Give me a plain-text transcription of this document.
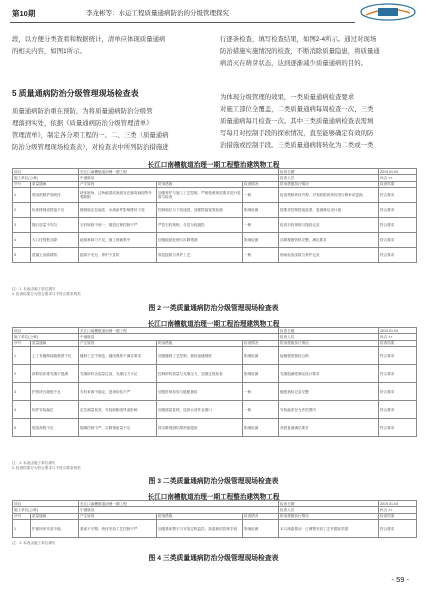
第10期	李龙彬等：水运工程质量通病防治的分级管理探究
段，以方便分类查看和数据统计，清单应体现质量通病
的相关内容，如图1所示。
5 质量通病防治分级管理现场检查表
质量通病防治重在预防，为将质量通病防治分级管
理落到实处，依据《质量通病防治分级管理清单》
管理清单》，制定各分项工程的一、二、三类（质量通病
防治分级管理现场检查表），对检查表中所列防治措施进
行逐条检查，填写检查结果，如图2-4所示。通过对现场
防治措施实施情况的检查，不断消除质量隐患，将质量通
病消灭在萌芽状态，达到逐渐减少质量通病的目的。
为体现分级管理的效果，一类质量通病检查要求
对施工部位全覆盖，二类质量通病每周检查一次，三类
质量通病每月检查一次。其中三类质量通病检查表需填
写每月对控制手段的探索情况，直至能够确定有效的防
治措施或控制手段。三类质量通病将转化为二类或一类
长江口南槽航道治理一期工程整治建筑物工程
项目		长江口南槽航道治理一期工程			检查日期	2019.01.04
施工单位(公章)		中港航局			检查人员	孙吉 ××
序号	质量通病	产生原因	防治措施	检查情况	防治措施执行情况	检查结果
1	堤身预制护面块体	块体缺角、边角破损或表面存在蜂窝麻面等外观缺陷	加强养护与施工工艺控制，严格按照规范要求进行验收与检查	一般	检查预制块体外观，对有缺陷的块体进行修补或更换	符合要求
2	软体排铺设搭接不足	铺排船定位偏差，水流条件影响排体下放	控制船位与下放速度，加强搭接宽度检测	影响检测	按要求控制搭接宽度，复测满足设计值	符合要求
3	抛石质量不均匀	石料规格不统一，抛投过程控制不严	严控石料规格，分层分段抛投	一般	检查石料规格与抛投记录	符合要求
4	大口径管桩沉降	地基承载力不足，施工荷载集中	加强地基处理与沉降观测	影响检测	沉降观测资料完整，满足要求	符合要求
5	混凝土浇筑缺陷	振捣不充分，养护不及时	规范振捣与养护工艺	一般	现场检查浇筑与养护记录	符合要求
注：1. 本表由施工单位填写
2. 检查结果分为符合要求与不符合要求两类
图 2 一类质量通病防治分级管理现场检查表
长江口南槽航道治理一期工程治理建筑物工程
项目		长江口南槽航道治理一期工程			检查日期	2019.01.04
施工单位(公章)		中港航局			检查人员	孙吉 ××
序号	质量通病	产生原因	防治措施	检查情况	防治措施执行情况	检查结果
1	土工布缝制接缝强度不足	缝制工艺不规范，缝线强度不满足要求	加强缝制工艺控制，抽检接缝强度	影响检测	接缝强度抽检合格	符合要求
2	砂肋软体排充填不饱满	充填砂料含泥量过高，充填压力不足	控制砂料质量与充填压力，加强过程检查	影响检测	充填饱满度满足设计要求	符合要求
3	护底块石级配不良	石料来源不稳定，进场检验不严	加强进场检验与级配抽检	一般	级配抽检记录完整	符合要求
4	构件安装偏位	定位测量误差，安装船舶受风浪影响	加强测量复核，选择合适作业窗口	一般	安装偏差在允许范围内	符合要求
5	堤顶高程不足	抛填控制不严，沉降预留量不足	按沉降观测结果预留超高	影响检测	高程复测满足要求	符合要求
注：1. 本表由施工单位填写
2. 检查结果分为符合要求与不符合要求两类
图 3 二类质量通病防治分级管理现场检查表
长江口南槽航道治理一期工程整治建筑物工程
项目		长江口南槽航道治理一期工程			检查日期	2019.01.04
施工单位(公章)		中港航局			检查人员	孙吉 ××
序号	质量通病	产生原因	防治措施	检查情况	防治措施执行情况	检查结果
1	护面块体安放不稳	基床不平整，块体安放工艺控制不严	加强基床整平与安放过程监控，探索新的控制手段	影响检测	本月探索情况：已调整安放工艺并跟踪效果	符合要求
注：1. 本表由施工单位填写
图 4 三类质量通病防治分级管理现场检查表
- 59 -
